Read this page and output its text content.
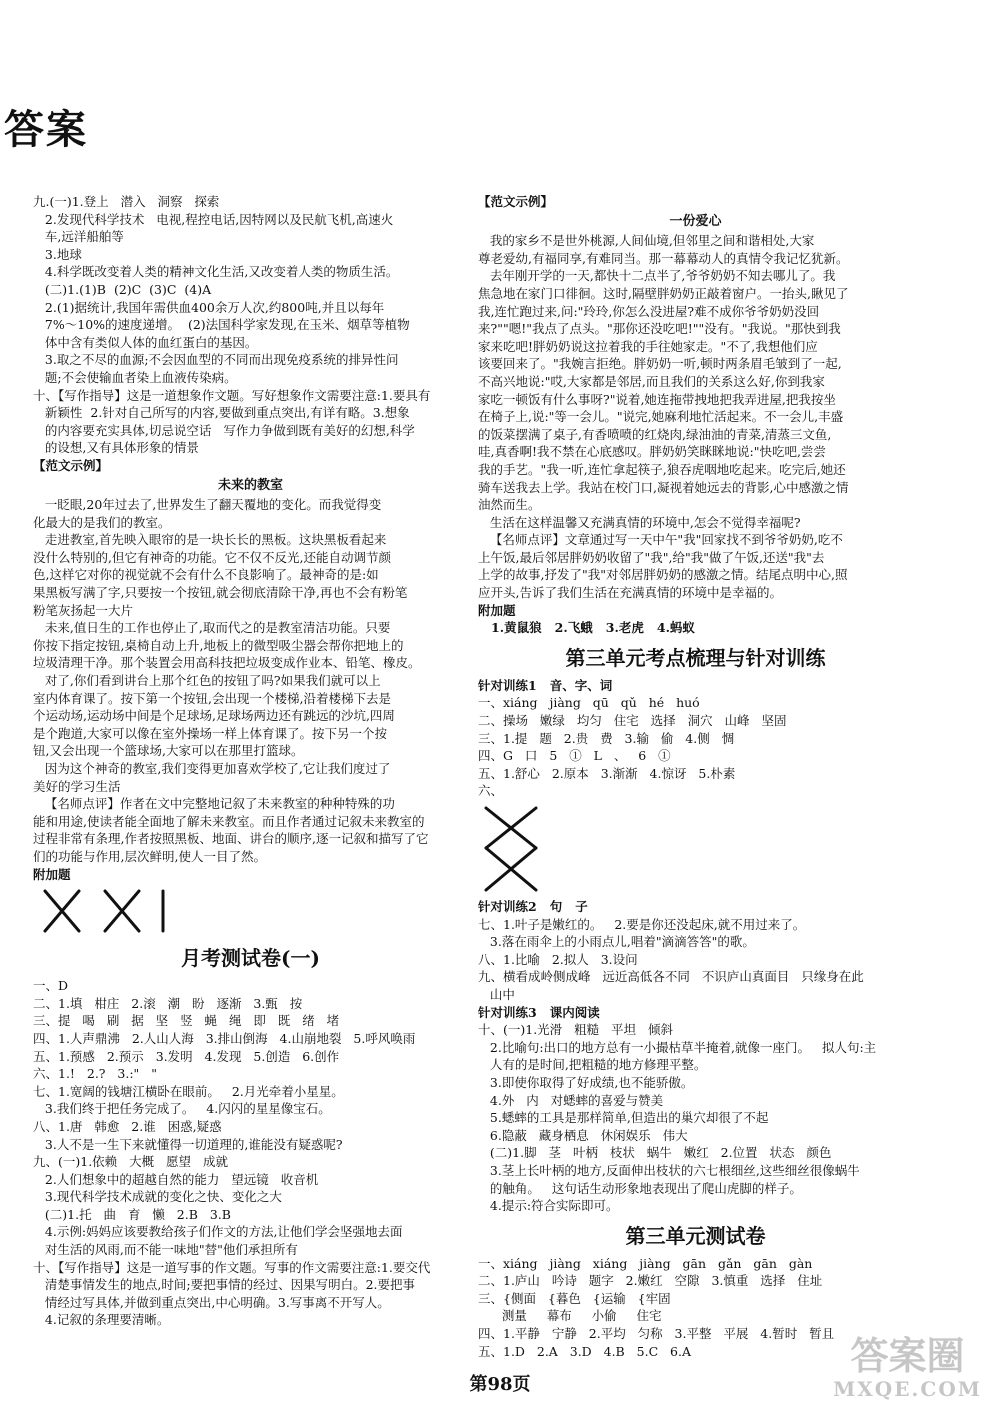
答案
九.(一)1.登上   潜入   洞察   探索
2.发现代科学技术   电视,程控电话,因特网以及民航飞机,高速火
车,远洋船舶等
3.地球
4.科学既改变着人类的精神文化生活,又改变着人类的物质生活。
(二)1.(1)B  (2)C  (3)C  (4)A
2.(1)据统计,我国年需供血400余万人次,约800吨,并且以每年
7%～10%的速度递增。  (2)法国科学家发现,在玉米、烟草等植物
体中含有类似人体的血红蛋白的基因。
3.取之不尽的血源;不会因血型的不同而出现免疫系统的排异性问
题;不会使输血者染上血液传染病。
十、【写作指导】这是一道想象作文题。写好想象作文需要注意:1.要具有
新颖性  2.针对自己所写的内容,要做到重点突出,有详有略。3.想象
的内容要充实具体,切忌说空话   写作力争做到既有美好的幻想,科学
的设想,又有具体形象的情景
【范文示例】
未来的教室
一眨眼,20年过去了,世界发生了翻天覆地的变化。而我觉得变
化最大的是我们的教室。
走进教室,首先映入眼帘的是一块长长的黑板。这块黑板看起来
没什么特别的,但它有神奇的功能。它不仅不反光,还能自动调节颜
色,这样它对你的视觉就不会有什么不良影响了。最神奇的是:如
果黑板写满了字,只要按一个按钮,就会彻底清除干净,再也不会有粉笔
粉笔灰扬起一大片
未来,值日生的工作也停止了,取而代之的是教室清洁功能。只要
你按下指定按钮,桌椅自动上升,地板上的微型吸尘器会帮你把地上的
垃圾清理干净。那个装置会用高科技把垃圾变成作业本、铅笔、橡皮。
对了,你们看到讲台上那个红色的按钮了吗?如果我们就可以上
室内体育课了。按下第一个按钮,会出现一个楼梯,沿着楼梯下去是
个运动场,运动场中间是个足球场,足球场两边还有跳远的沙坑,四周
是个跑道,大家可以像在室外操场一样上体育课了。按下另一个按
钮,又会出现一个篮球场,大家可以在那里打篮球。
因为这个神奇的教室,我们变得更加喜欢学校了,它让我们度过了
美好的学习生活
【名师点评】作者在文中完整地记叙了未来教室的种种特殊的功
能和用途,使读者能全面地了解未来教室。而且作者通过记叙未来教室的
过程非常有条理,作者按照黑板、地面、讲台的顺序,逐一记叙和描写了它
们的功能与作用,层次鲜明,使人一目了然。
附加题
月考测试卷(一)
一、D
二、1.填   柑庄   2.滚   潮   盼   逐渐   3.甄   按
三、提   喝   刷   据   坚   竖   蝇   绳   即   既   绪   堵
四、1.人声鼎沸   2.人山人海   3.排山倒海   4.山崩地裂   5.呼风唤雨
五、1.预感   2.预示   3.发明   4.发现   5.创造   6.创作
六、1.!   2.?   3.:"   "
七、1.宽阔的钱塘江横卧在眼前。   2.月光牵着小星星。
3.我们终于把任务完成了。   4.闪闪的星星像宝石。
八、1.唐   韩愈   2.谁   困惑,疑惑
3.人不是一生下来就懂得一切道理的,谁能没有疑惑呢?
九、(一)1.依赖   大概   愿望   成就
2.人们想象中的超越自然的能力   望远镜   收音机
3.现代科学技术成就的变化之快、变化之大
(二)1.托   曲   育   懒   2.B   3.B
4.示例:妈妈应该要教给孩子们作文的方法,让他们学会坚强地去面
对生活的风雨,而不能一味地"替"他们承担所有
十、【写作指导】这是一道写事的作文题。写事的作文需要注意:1.要交代
清楚事情发生的地点,时间;要把事情的经过、因果写明白。2.要把事
情经过写具体,并做到重点突出,中心明确。3.写事离不开写人。
4.记叙的条理要清晰。
【范文示例】
一份爱心
我的家乡不是世外桃源,人间仙境,但邻里之间和谐相处,大家
尊老爱幼,有福同享,有难同当。那一幕幕动人的真情令我记忆犹新。
去年刚开学的一天,都快十二点半了,爷爷奶奶不知去哪儿了。我
焦急地在家门口徘徊。这时,隔壁胖奶奶正敲着窗户。一抬头,瞅见了
我,连忙跑过来,问:"玲玲,你怎么没进屋?难不成你爷爷奶奶没回
来?""嗯!"我点了点头。"那你还没吃吧!""没有。"我说。"那快到我
家来吃吧!胖奶奶说这拉着我的手往她家走。"不了,我想他们应
该要回来了。"我婉言拒绝。胖奶奶一听,顿时两条眉毛皱到了一起,
不高兴地说:"哎,大家都是邻居,而且我们的关系这么好,你到我家
家吃一顿饭有什么事呀?"说着,她连拖带拽地把我弄进屋,把我按坐
在椅子上,说:"等一会儿。"说完,她麻利地忙活起来。不一会儿,丰盛
的饭菜摆满了桌子,有香喷喷的红烧肉,绿油油的青菜,清蒸三文鱼,
哇,真香啊!我不禁在心底感叹。胖奶奶笑眯眯地说:"快吃吧,尝尝
我的手艺。"我一听,连忙拿起筷子,狼吞虎咽地吃起来。吃完后,她还
骑车送我去上学。我站在校门口,凝视着她远去的背影,心中感激之情
油然而生。
生活在这样温馨又充满真情的环境中,怎会不觉得幸福呢?
【名师点评】文章通过写一天中午"我"回家找不到爷爷奶奶,吃不
上午饭,最后邻居胖奶奶收留了"我",给"我"做了午饭,还送"我"去
上学的故事,抒发了"我"对邻居胖奶奶的感激之情。结尾点明中心,照
应开头,告诉了我们生活在充满真情的环境中是幸福的。
附加题
1.黄鼠狼   2.飞蛾   3.老虎   4.蚂蚁
第三单元考点梳理与针对训练
针对训练1   音、字、词
一、xiáng   jiàng   qū   qǔ   hé   huó
二、操场   嫩绿   均匀   住宅   选择   洞穴   山峰   坚固
三、1.提   题   2.贵   费   3.输   偷   4.侧   惆
四、G   口   5   ①   L   、   6   ①
五、1.舒心   2.原本   3.渐渐   4.惊讶   5.朴素
六、
针对训练2   句   子
七、1.叶子是嫩红的。   2.要是你还没起床,就不用过来了。
3.落在雨伞上的小雨点儿,唱着"滴滴答答"的歌。
八、1.比喻   2.拟人   3.设问
九、横看成岭侧成峰   远近高低各不同   不识庐山真面目   只缘身在此
山中
针对训练3   课内阅读
十、(一)1.光滑   粗糙   平坦   倾斜
2.比喻句:出口的地方总有一小撮枯草半掩着,就像一座门。   拟人句:主
人有的是时间,把粗糙的地方修理平整。
3.即使你取得了好成绩,也不能骄傲。
4.外   内   对蟋蟀的喜爱与赞美
5.蟋蟀的工具是那样简单,但造出的巢穴却很了不起
6.隐蔽   藏身栖息   休闲娱乐   伟大
(二)1.脚   茎   叶柄   枝状   蜗牛   嫩红   2.位置   状态   颜色
3.茎上长叶柄的地方,反面伸出枝状的六七根细丝,这些细丝很像蜗牛
的触角。   这句话生动形象地表现出了爬山虎脚的样子。
4.提示:符合实际即可。
第三单元测试卷
一、xiáng   jiàng   xiáng   jiàng   gān   gǎn   gān   gàn
二、1.庐山   吟诗   题字   2.嫩红   空隙   3.慎重   选择   住址
三、{侧面   {暮色   {运输   {牢固
测量     幕布     小偷     住宅
四、1.平静   宁静   2.平均   匀称   3.平整   平展   4.暂时   暂且
五、1.D   2.A   3.D   4.B   5.C   6.A
第98页
答案圈
MXQE.COM
